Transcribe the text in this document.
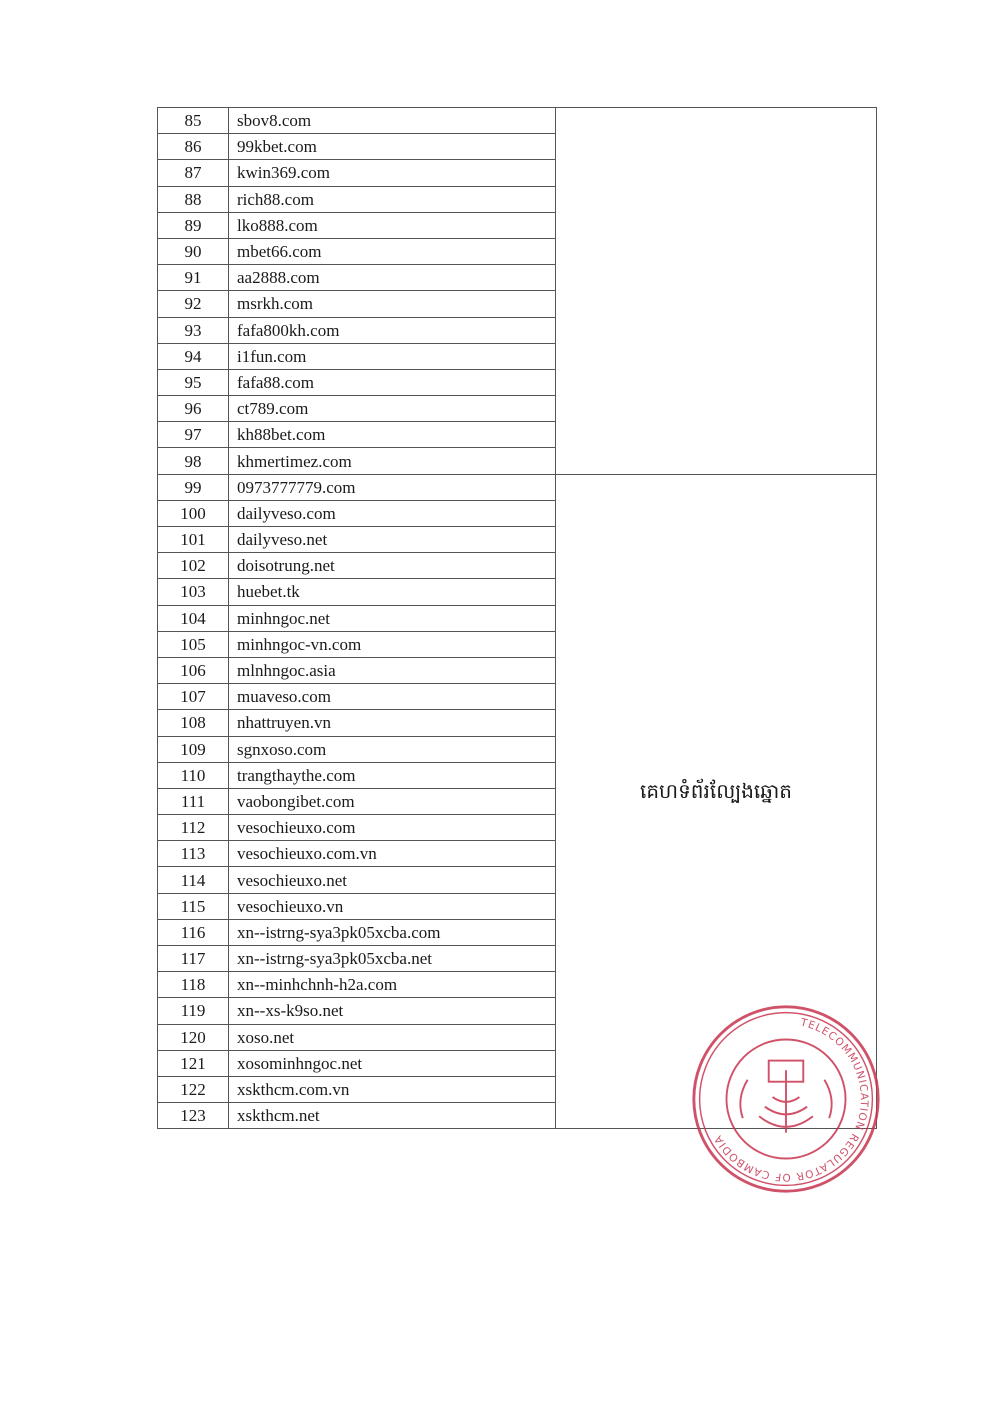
85	sbov8.com	
86	99kbet.com	
87	kwin369.com	
88	rich88.com	
89	lko888.com	
90	mbet66.com	
91	aa2888.com	
92	msrkh.com	
93	fafa800kh.com	
94	i1fun.com	
95	fafa88.com	
96	ct789.com	
97	kh88bet.com	
98	khmertimez.com	
99	0973777779.com	គេហទំព័រល្បែងឆ្នោត
100	dailyveso.com	
101	dailyveso.net	
102	doisotrung.net	
103	huebet.tk	
104	minhngoc.net	
105	minhngoc-vn.com	
106	mlnhngoc.asia	
107	muaveso.com	
108	nhattruyen.vn	
109	sgnxoso.com	
110	trangthaythe.com	
111	vaobongibet.com	
112	vesochieuxo.com	
113	vesochieuxo.com.vn	
114	vesochieuxo.net	
115	vesochieuxo.vn	
116	xn--istrng-sya3pk05xcba.com	
117	xn--istrng-sya3pk05xcba.net	
118	xn--minhchnh-h2a.com	
119	xn--xs-k9so.net	
120	xoso.net	
121	xosominhngoc.net	
122	xskthcm.com.vn	
123	xskthcm.net	
TELECOMMUNICATION REGULATOR OF CAMBODIA
